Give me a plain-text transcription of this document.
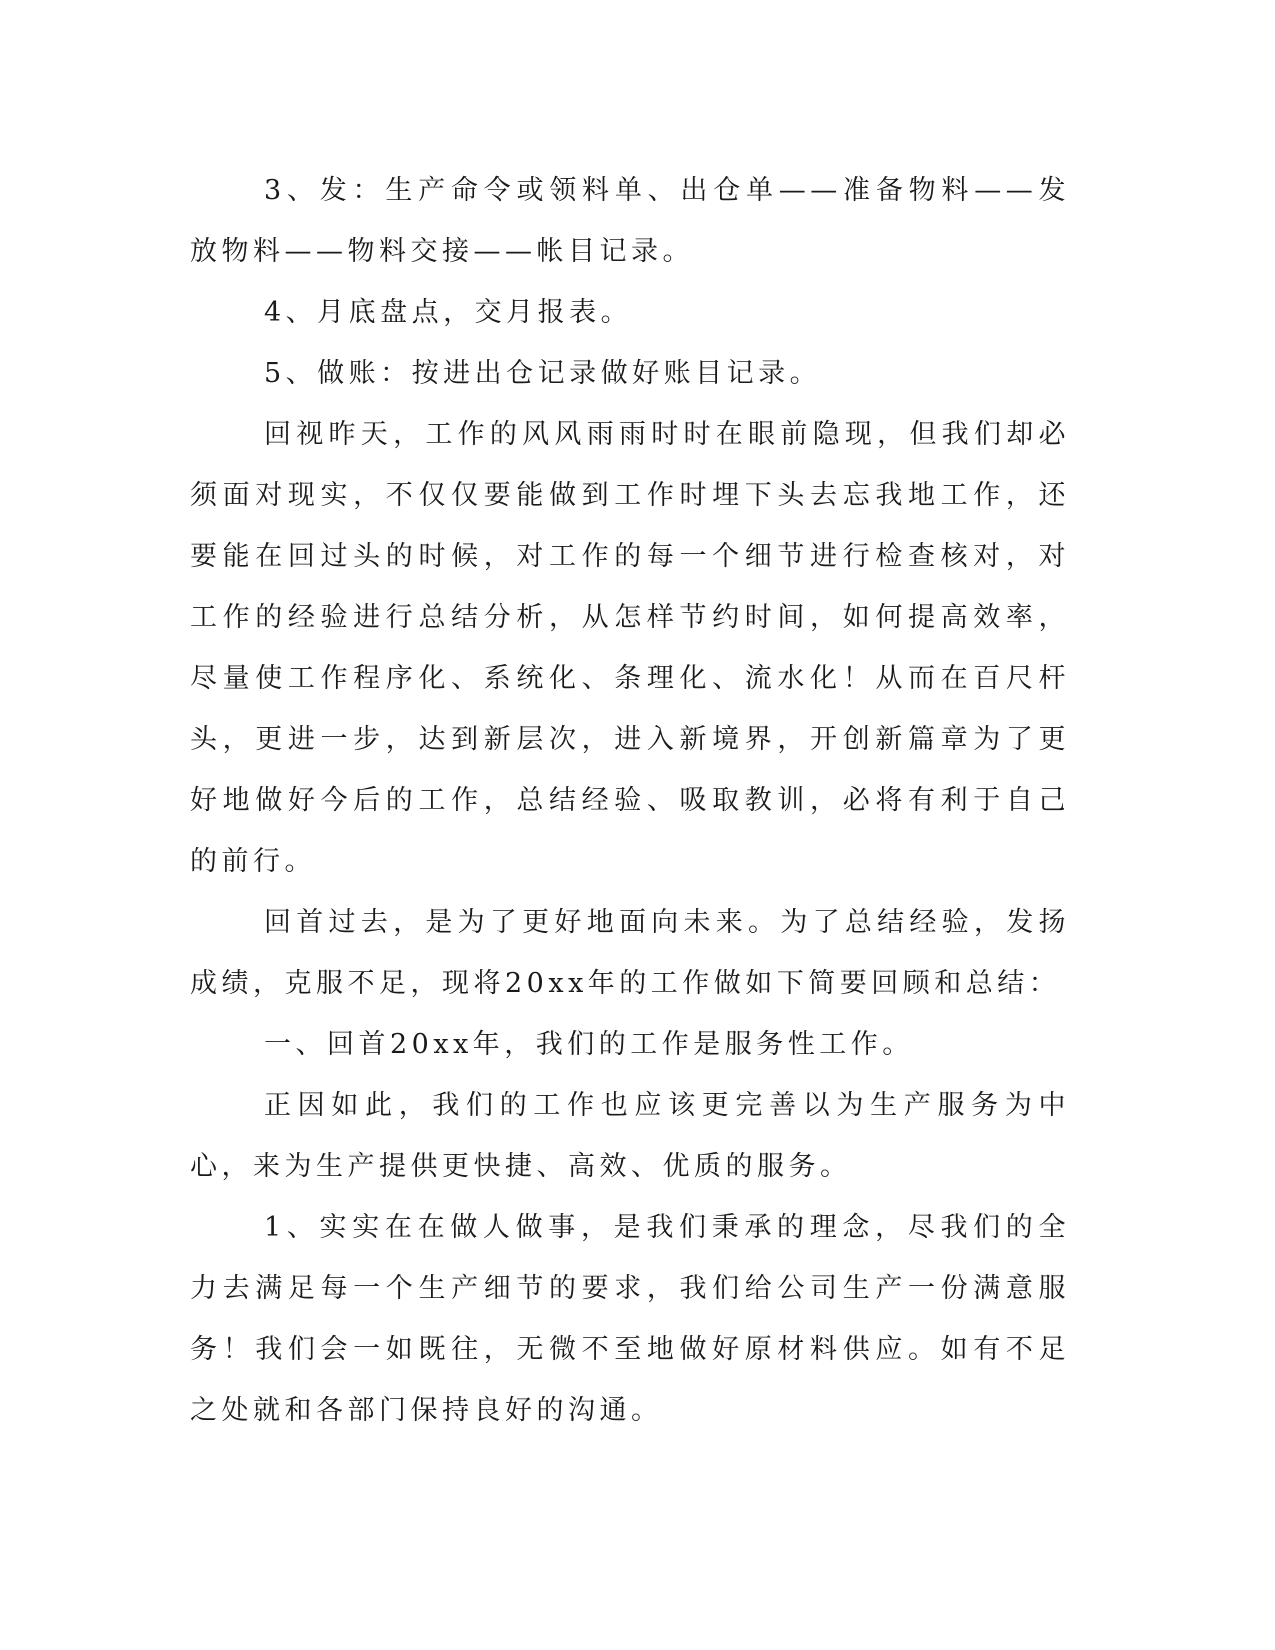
3、发：生产命令或领料单、出仓单——准备物料——发放物料——物料交接——帐目记录。

4、月底盘点，交月报表。

5、做账：按进出仓记录做好账目记录。

回视昨天，工作的风风雨雨时时在眼前隐现，但我们却必须面对现实，不仅仅要能做到工作时埋下头去忘我地工作，还要能在回过头的时候，对工作的每一个细节进行检查核对，对工作的经验进行总结分析，从怎样节约时间，如何提高效率，尽量使工作程序化、系统化、条理化、流水化！从而在百尺杆头，更进一步，达到新层次，进入新境界，开创新篇章为了更好地做好今后的工作，总结经验、吸取教训，必将有利于自己的前行。

回首过去，是为了更好地面向未来。为了总结经验，发扬成绩，克服不足，现将20xx年的工作做如下简要回顾和总结：

一、回首20xx年，我们的工作是服务性工作。

正因如此，我们的工作也应该更完善以为生产服务为中心，来为生产提供更快捷、高效、优质的服务。

1、实实在在做人做事，是我们秉承的理念，尽我们的全力去满足每一个生产细节的要求，我们给公司生产一份满意服务！我们会一如既往，无微不至地做好原材料供应。如有不足之处就和各部门保持良好的沟通。
